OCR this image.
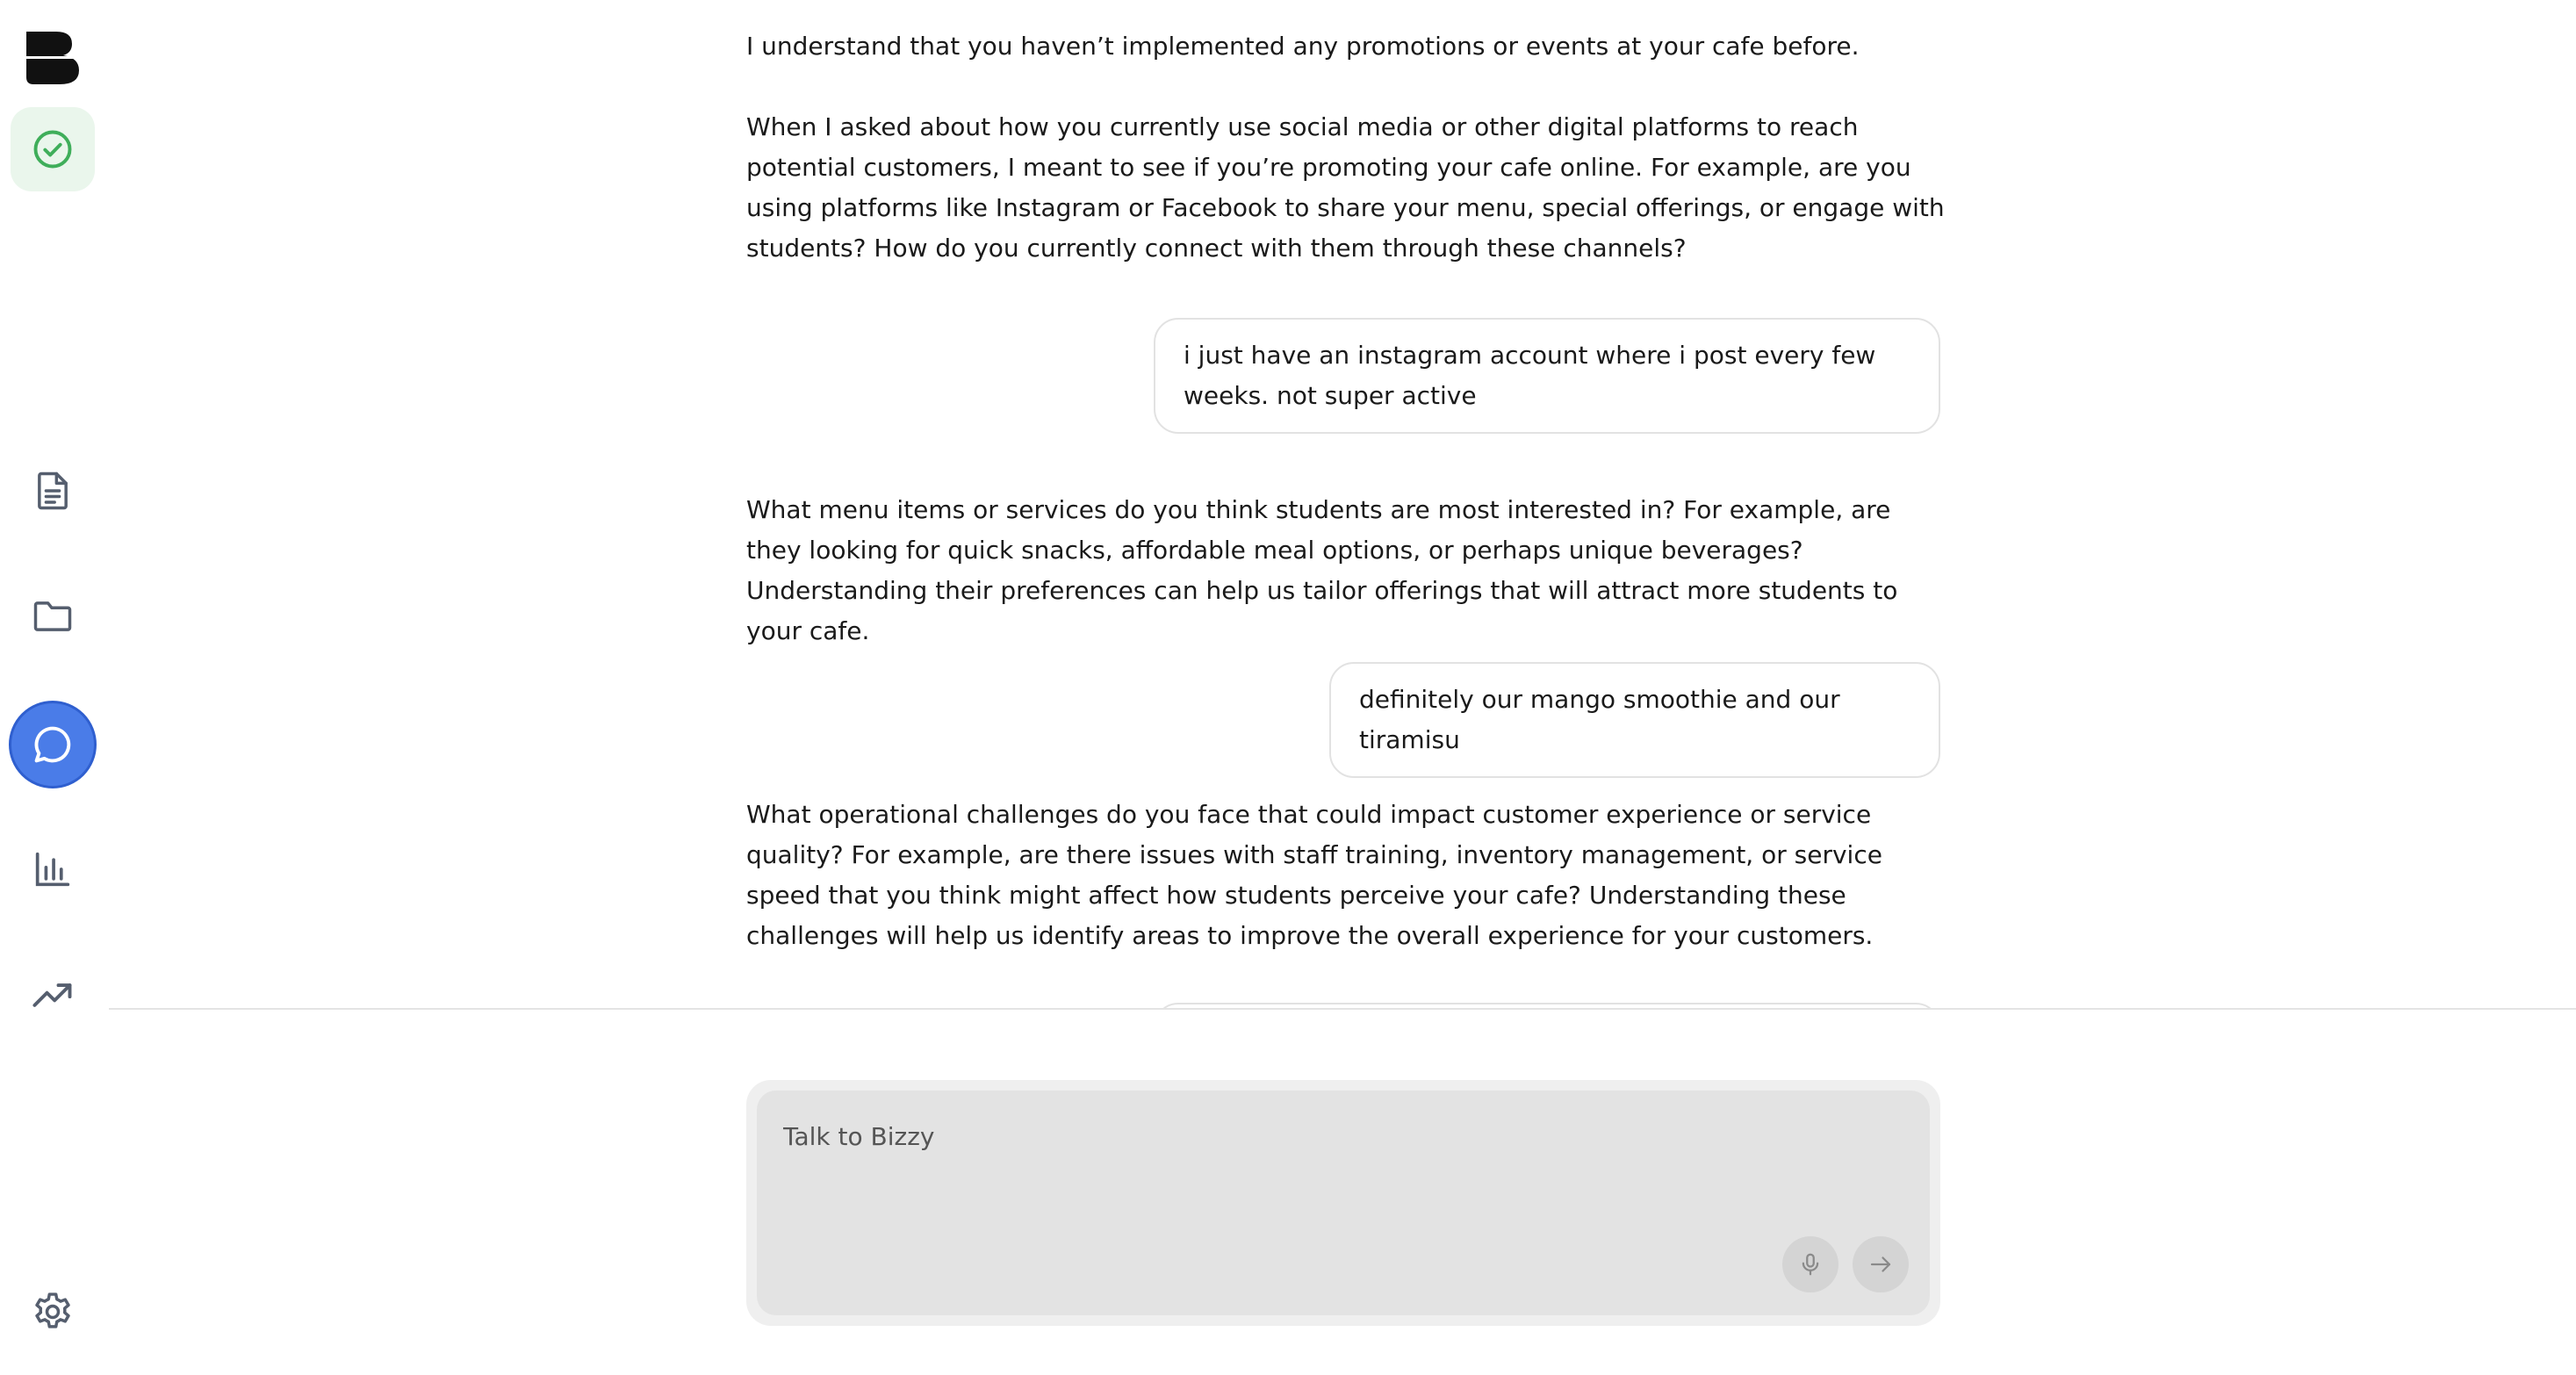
I understand that you haven’t implemented any promotions or events at your cafe before.

When I asked about how you currently use social media or other digital platforms to reach potential customers, I meant to see if you’re promoting your cafe online. For example, are you using platforms like Instagram or Facebook to share your menu, special offerings, or engage with students? How do you currently connect with them through these channels?

i just have an instagram account where i post every few weeks. not super active

What menu items or services do you think students are most interested in? For example, are they looking for quick snacks, affordable meal options, or perhaps unique beverages? Understanding their preferences can help us tailor offerings that will attract more students to your cafe.

definitely our mango smoothie and our tiramisu

What operational challenges do you face that could impact customer experience or service quality? For example, are there issues with staff training, inventory management, or service speed that you think might affect how students perceive your cafe? Understanding these challenges will help us identify areas to improve the overall experience for your customers.

Talk to Bizzy
